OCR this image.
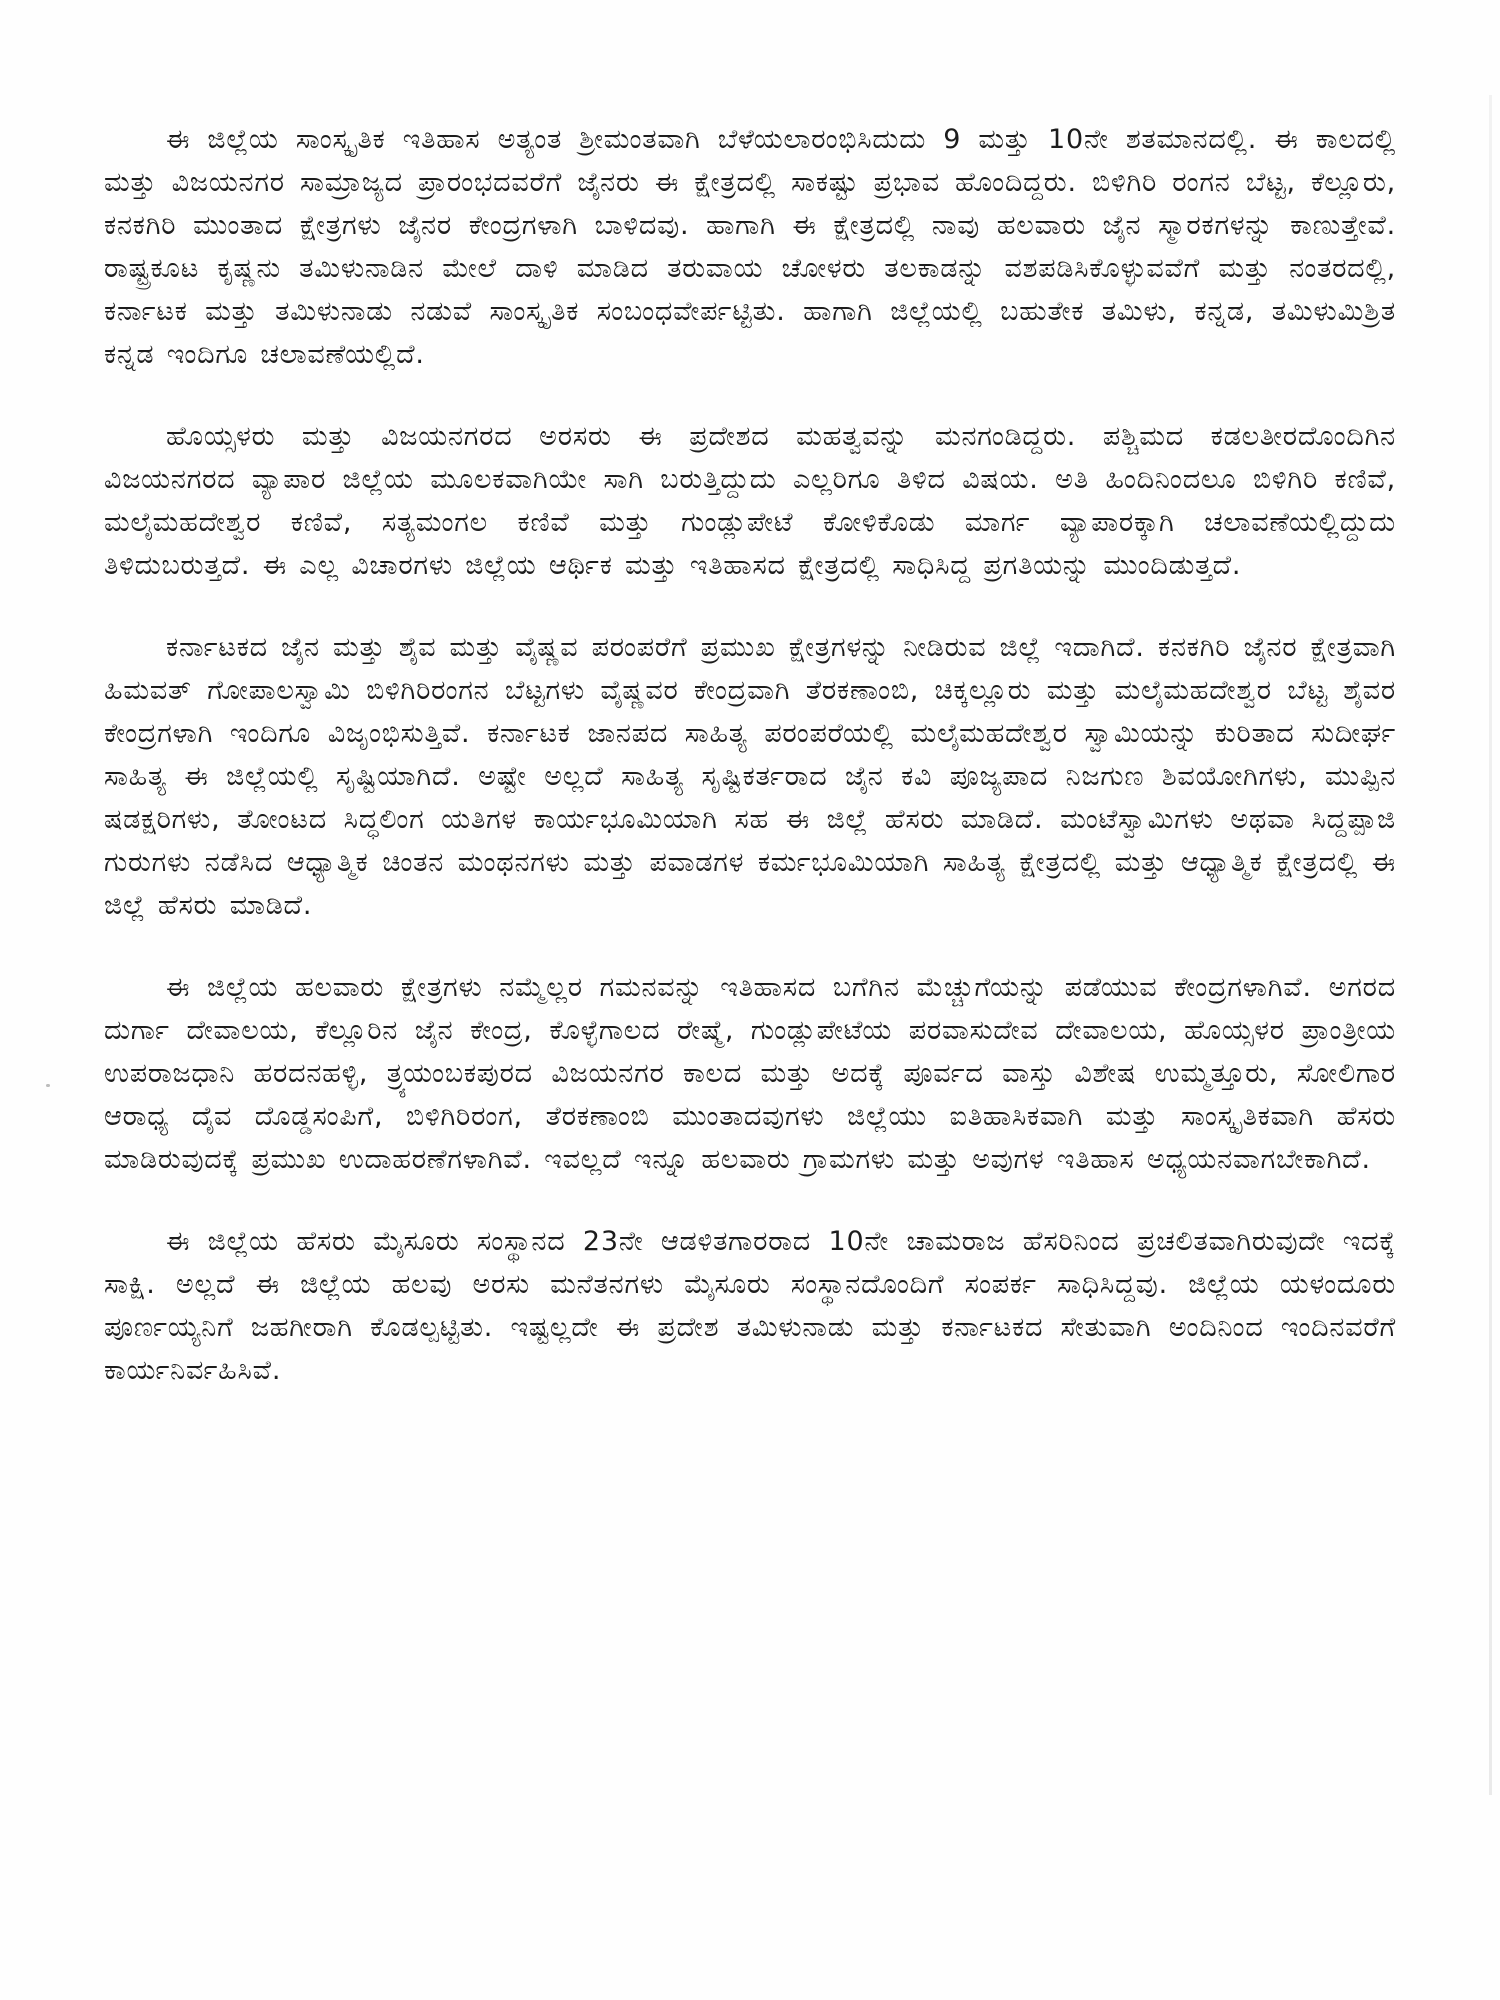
ಈ ಜಿಲ್ಲೆಯ ಸಾಂಸ್ಕೃತಿಕ ಇತಿಹಾಸ ಅತ್ಯಂತ ಶ್ರೀಮಂತವಾಗಿ ಬೆಳೆಯಲಾರಂಭಿಸಿದುದು 9 ಮತ್ತು 10ನೇ ಶತಮಾನದಲ್ಲಿ. ಈ ಕಾಲದಲ್ಲಿ ಮತ್ತು ವಿಜಯನಗರ ಸಾಮ್ರಾಜ್ಯದ ಪ್ರಾರಂಭದವರೆಗೆ ಜೈನರು ಈ ಕ್ಷೇತ್ರದಲ್ಲಿ ಸಾಕಷ್ಟು ಪ್ರಭಾವ ಹೊಂದಿದ್ದರು. ಬಿಳಿಗಿರಿ ರಂಗನ ಬೆಟ್ಟ, ಕೆಲ್ಲೂರು, ಕನಕಗಿರಿ ಮುಂತಾದ ಕ್ಷೇತ್ರಗಳು ಜೈನರ ಕೇಂದ್ರಗಳಾಗಿ ಬಾಳಿದವು. ಹಾಗಾಗಿ ಈ ಕ್ಷೇತ್ರದಲ್ಲಿ ನಾವು ಹಲವಾರು ಜೈನ ಸ್ಮಾರಕಗಳನ್ನು ಕಾಣುತ್ತೇವೆ. ರಾಷ್ಟ್ರಕೂಟ ಕೃಷ್ಣನು ತಮಿಳುನಾಡಿನ ಮೇಲೆ ದಾಳಿ ಮಾಡಿದ ತರುವಾಯ ಚೋಳರು ತಲಕಾಡನ್ನು ವಶಪಡಿಸಿಕೊಳ್ಳುವವೆಗೆ ಮತ್ತು ನಂತರದಲ್ಲಿ, ಕರ್ನಾಟಕ ಮತ್ತು ತಮಿಳುನಾಡು ನಡುವೆ ಸಾಂಸ್ಕೃತಿಕ ಸಂಬಂಧವೇರ್ಪಟ್ಟಿತು. ಹಾಗಾಗಿ ಜಿಲ್ಲೆಯಲ್ಲಿ ಬಹುತೇಕ ತಮಿಳು, ಕನ್ನಡ, ತಮಿಳುಮಿಶ್ರಿತ ಕನ್ನಡ ಇಂದಿಗೂ ಚಲಾವಣೆಯಲ್ಲಿದೆ.

ಹೊಯ್ಸಳರು ಮತ್ತು ವಿಜಯನಗರದ ಅರಸರು ಈ ಪ್ರದೇಶದ ಮಹತ್ವವನ್ನು ಮನಗಂಡಿದ್ದರು. ಪಶ್ಚಿಮದ ಕಡಲತೀರದೊಂದಿಗಿನ ವಿಜಯನಗರದ ವ್ಯಾಪಾರ ಜಿಲ್ಲೆಯ ಮೂಲಕವಾಗಿಯೇ ಸಾಗಿ ಬರುತ್ತಿದ್ದುದು ಎಲ್ಲರಿಗೂ ತಿಳಿದ ವಿಷಯ. ಅತಿ ಹಿಂದಿನಿಂದಲೂ ಬಿಳಿಗಿರಿ ಕಣಿವೆ, ಮಲೈಮಹದೇಶ್ವರ ಕಣಿವೆ, ಸತ್ಯಮಂಗಲ ಕಣಿವೆ ಮತ್ತು ಗುಂಡ್ಲುಪೇಟೆ ಕೋಳಿಕೊಡು ಮಾರ್ಗ ವ್ಯಾಪಾರಕ್ಕಾಗಿ ಚಲಾವಣೆಯಲ್ಲಿದ್ದುದು ತಿಳಿದುಬರುತ್ತದೆ. ಈ ಎಲ್ಲ ವಿಚಾರಗಳು ಜಿಲ್ಲೆಯ ಆರ್ಥಿಕ ಮತ್ತು ಇತಿಹಾಸದ ಕ್ಷೇತ್ರದಲ್ಲಿ ಸಾಧಿಸಿದ್ದ ಪ್ರಗತಿಯನ್ನು ಮುಂದಿಡುತ್ತದೆ.

ಕರ್ನಾಟಕದ ಜೈನ ಮತ್ತು ಶೈವ ಮತ್ತು ವೈಷ್ಣವ ಪರಂಪರೆಗೆ ಪ್ರಮುಖ ಕ್ಷೇತ್ರಗಳನ್ನು ನೀಡಿರುವ ಜಿಲ್ಲೆ ಇದಾಗಿದೆ. ಕನಕಗಿರಿ ಜೈನರ ಕ್ಷೇತ್ರವಾಗಿ ಹಿಮವತ್ ಗೋಪಾಲಸ್ವಾಮಿ ಬಿಳಿಗಿರಿರಂಗನ ಬೆಟ್ಟಗಳು ವೈಷ್ಣವರ ಕೇಂದ್ರವಾಗಿ ತೆರಕಣಾಂಬಿ, ಚಿಕ್ಕಲ್ಲೂರು ಮತ್ತು ಮಲೈಮಹದೇಶ್ವರ ಬೆಟ್ಟ ಶೈವರ ಕೇಂದ್ರಗಳಾಗಿ ಇಂದಿಗೂ ವಿಜೃಂಭಿಸುತ್ತಿವೆ. ಕರ್ನಾಟಕ ಜಾನಪದ ಸಾಹಿತ್ಯ ಪರಂಪರೆಯಲ್ಲಿ ಮಲೈಮಹದೇಶ್ವರ ಸ್ವಾಮಿಯನ್ನು ಕುರಿತಾದ ಸುದೀರ್ಘ ಸಾಹಿತ್ಯ ಈ ಜಿಲ್ಲೆಯಲ್ಲಿ ಸೃಷ್ಟಿಯಾಗಿದೆ. ಅಷ್ಟೇ ಅಲ್ಲದೆ ಸಾಹಿತ್ಯ ಸೃಷ್ಟಿಕರ್ತರಾದ ಜೈನ ಕವಿ ಪೂಜ್ಯಪಾದ ನಿಜಗುಣ ಶಿವಯೋಗಿಗಳು, ಮುಪ್ಪಿನ ಷಡಕ್ಷರಿಗಳು, ತೋಂಟದ ಸಿದ್ಧಲಿಂಗ ಯತಿಗಳ ಕಾರ್ಯಭೂಮಿಯಾಗಿ ಸಹ ಈ ಜಿಲ್ಲೆ ಹೆಸರು ಮಾಡಿದೆ. ಮಂಟೆಸ್ವಾಮಿಗಳು ಅಥವಾ ಸಿದ್ದಪ್ಪಾಜಿ ಗುರುಗಳು ನಡೆಸಿದ ಆಧ್ಯಾತ್ಮಿಕ ಚಿಂತನ ಮಂಥನಗಳು ಮತ್ತು ಪವಾಡಗಳ ಕರ್ಮಭೂಮಿಯಾಗಿ ಸಾಹಿತ್ಯ ಕ್ಷೇತ್ರದಲ್ಲಿ ಮತ್ತು ಆಧ್ಯಾತ್ಮಿಕ ಕ್ಷೇತ್ರದಲ್ಲಿ ಈ ಜಿಲ್ಲೆ ಹೆಸರು ಮಾಡಿದೆ.

ಈ ಜಿಲ್ಲೆಯ ಹಲವಾರು ಕ್ಷೇತ್ರಗಳು ನಮ್ಮೆಲ್ಲರ ಗಮನವನ್ನು ಇತಿಹಾಸದ ಬಗೆಗಿನ ಮೆಚ್ಚುಗೆಯನ್ನು ಪಡೆಯುವ ಕೇಂದ್ರಗಳಾಗಿವೆ. ಅಗರದ ದುರ್ಗಾ ದೇವಾಲಯ, ಕೆಲ್ಲೂರಿನ ಜೈನ ಕೇಂದ್ರ, ಕೊಳ್ಳೆಗಾಲದ ರೇಷ್ಮೆ, ಗುಂಡ್ಲುಪೇಟೆಯ ಪರವಾಸುದೇವ ದೇವಾಲಯ, ಹೊಯ್ಸಳರ ಪ್ರಾಂತ್ರೀಯ ಉಪರಾಜಧಾನಿ ಹರದನಹಳ್ಳಿ, ತ್ರ್ಯಯಂಬಕಪುರದ ವಿಜಯನಗರ ಕಾಲದ ಮತ್ತು ಅದಕ್ಕೆ ಪೂರ್ವದ ವಾಸ್ತು ವಿಶೇಷ ಉಮ್ಮತ್ತೂರು, ಸೋಲಿಗಾರ ಆರಾಧ್ಯ ದೈವ ದೊಡ್ಡಸಂಪಿಗೆ, ಬಿಳಿಗಿರಿರಂಗ, ತೆರಕಣಾಂಬಿ ಮುಂತಾದವುಗಳು ಜಿಲ್ಲೆಯು ಐತಿಹಾಸಿಕವಾಗಿ ಮತ್ತು ಸಾಂಸ್ಕೃತಿಕವಾಗಿ ಹೆಸರು ಮಾಡಿರುವುದಕ್ಕೆ ಪ್ರಮುಖ ಉದಾಹರಣೆಗಳಾಗಿವೆ. ಇವಲ್ಲದೆ ಇನ್ನೂ ಹಲವಾರು ಗ್ರಾಮಗಳು ಮತ್ತು ಅವುಗಳ ಇತಿಹಾಸ ಅಧ್ಯಯನವಾಗಬೇಕಾಗಿದೆ.

ಈ ಜಿಲ್ಲೆಯ ಹೆಸರು ಮೈಸೂರು ಸಂಸ್ಥಾನದ 23ನೇ ಆಡಳಿತಗಾರರಾದ 10ನೇ ಚಾಮರಾಜ ಹೆಸರಿನಿಂದ ಪ್ರಚಲಿತವಾಗಿರುವುದೇ ಇದಕ್ಕೆ ಸಾಕ್ಷಿ. ಅಲ್ಲದೆ ಈ ಜಿಲ್ಲೆಯ ಹಲವು ಅರಸು ಮನೆತನಗಳು ಮೈಸೂರು ಸಂಸ್ಥಾನದೊಂದಿಗೆ ಸಂಪರ್ಕ ಸಾಧಿಸಿದ್ದವು. ಜಿಲ್ಲೆಯ ಯಳಂದೂರು ಪೂರ್ಣಯ್ಯನಿಗೆ ಜಹಗೀರಾಗಿ ಕೊಡಲ್ಪಟ್ಟಿತು. ಇಷ್ಟಲ್ಲದೇ ಈ ಪ್ರದೇಶ ತಮಿಳುನಾಡು ಮತ್ತು ಕರ್ನಾಟಕದ ಸೇತುವಾಗಿ ಅಂದಿನಿಂದ ಇಂದಿನವರೆಗೆ ಕಾರ್ಯನಿರ್ವಹಿಸಿವೆ.
